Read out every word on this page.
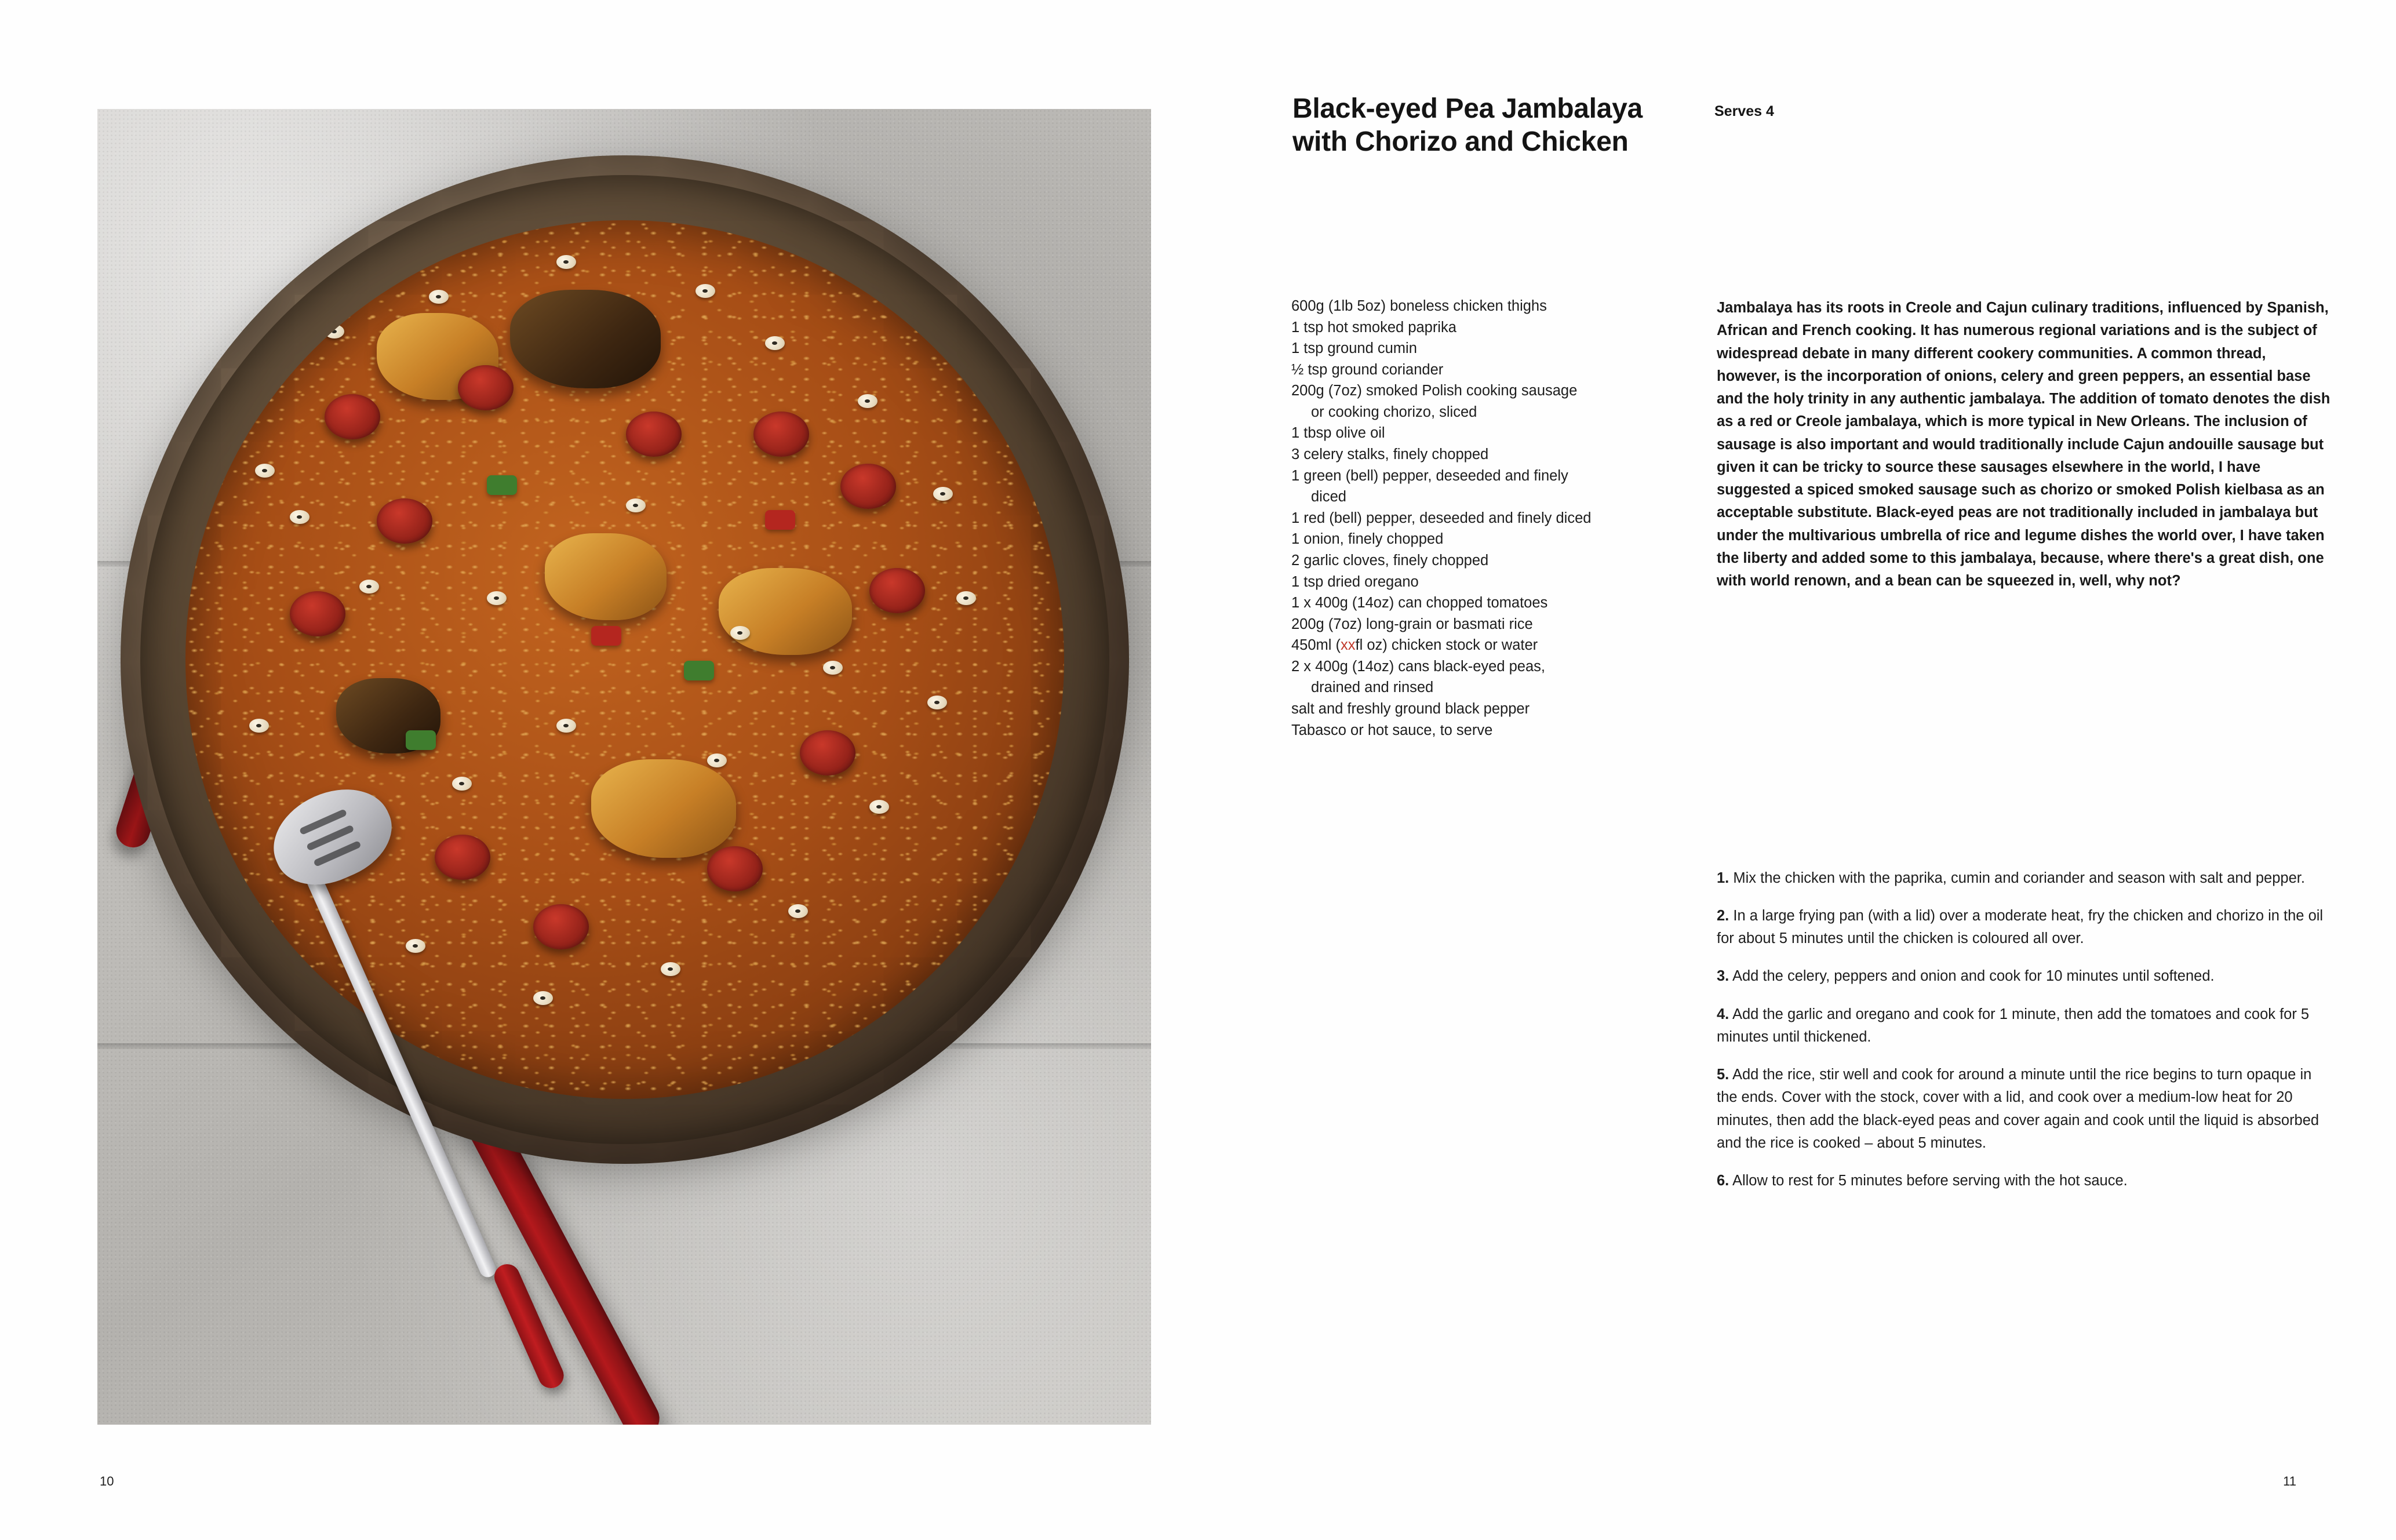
10
Black-eyed Pea Jambalaya with Chorizo and Chicken
Serves 4
600g (1lb 5oz) boneless chicken thighs
1 tsp hot smoked paprika
1 tsp ground cumin
½ tsp ground coriander
200g (7oz) smoked Polish cooking sausage
or cooking chorizo, sliced
1 tbsp olive oil
3 celery stalks, finely chopped
1 green (bell) pepper, deseeded and finely
diced
1 red (bell) pepper, deseeded and finely diced
1 onion, finely chopped
2 garlic cloves, finely chopped
1 tsp dried oregano
1 x 400g (14oz) can chopped tomatoes
200g (7oz) long-grain or basmati rice
450ml (xxfl oz) chicken stock or water
2 x 400g (14oz) cans black-eyed peas,
drained and rinsed
salt and freshly ground black pepper
Tabasco or hot sauce, to serve
Jambalaya has its roots in Creole and Cajun culinary traditions, influenced by Spanish, African and French cooking. It has numerous regional variations and is the subject of widespread debate in many different cookery communities. A common thread, however, is the incorporation of onions, celery and green peppers, an essential base and the holy trinity in any authentic jambalaya. The addition of tomato denotes the dish as a red or Creole jambalaya, which is more typical in New Orleans. The inclusion of sausage is also important and would traditionally include Cajun andouille sausage but given it can be tricky to source these sausages elsewhere in the world, I have suggested a spiced smoked sausage such as chorizo or smoked Polish kielbasa as an acceptable substitute. Black-eyed peas are not traditionally included in jambalaya but under the multivarious umbrella of rice and legume dishes the world over, I have taken the liberty and added some to this jambalaya, because, where there's a great dish, one with world renown, and a bean can be squeezed in, well, why not?

1. Mix the chicken with the paprika, cumin and coriander and season with salt and pepper.

2. In a large frying pan (with a lid) over a moderate heat, fry the chicken and chorizo in the oil for about 5 minutes until the chicken is coloured all over.

3. Add the celery, peppers and onion and cook for 10 minutes until softened.

4. Add the garlic and oregano and cook for 1 minute, then add the tomatoes and cook for 5 minutes until thickened.

5. Add the rice, stir well and cook for around a minute until the rice begins to turn opaque in the ends. Cover with the stock, cover with a lid, and cook over a medium-low heat for 20 minutes, then add the black-eyed peas and cover again and cook until the liquid is absorbed and the rice is cooked – about 5 minutes.

6. Allow to rest for 5 minutes before serving with the hot sauce.

11
